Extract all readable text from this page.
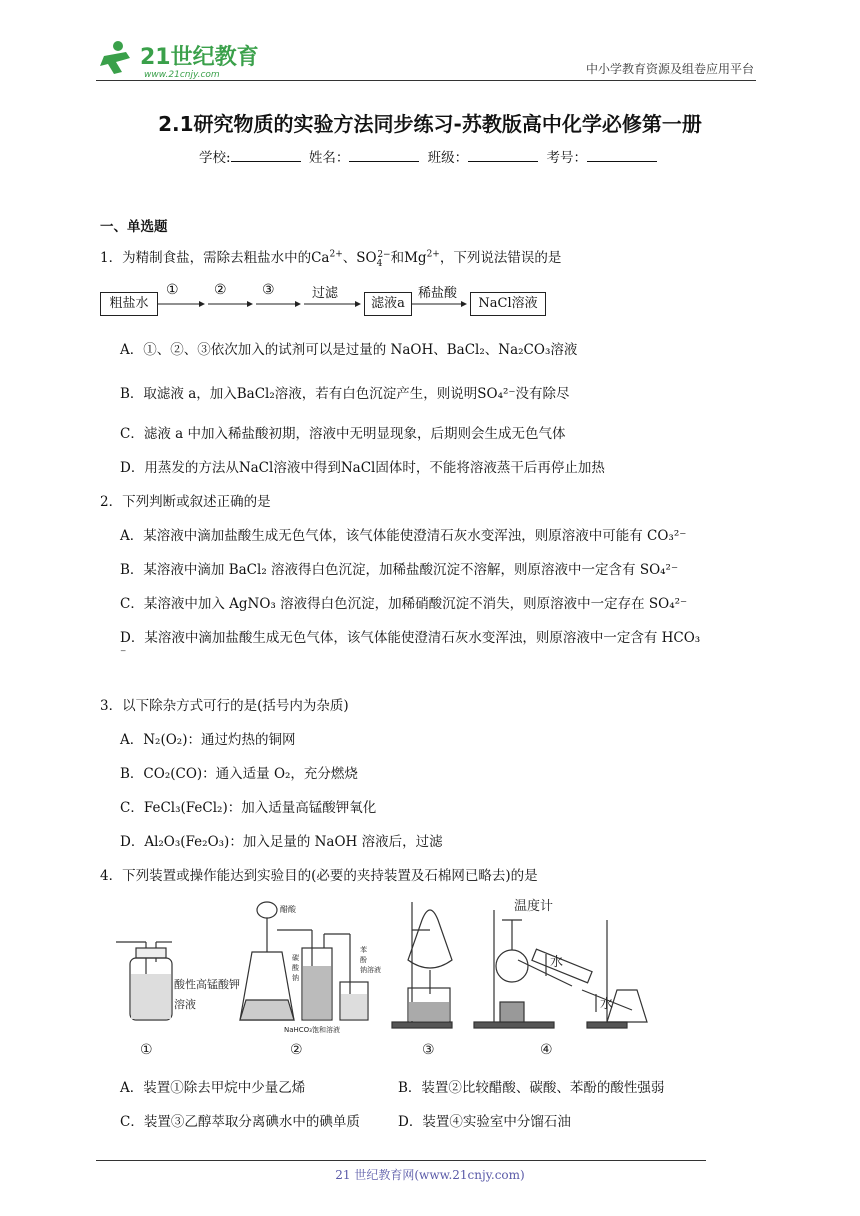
21世纪教育
www.21cnjy.com	中小学教育资源及组卷应用平台
2.1研究物质的实验方法同步练习-苏教版高中化学必修第一册
学校:	姓名：	班级：	考号：
一、单选题
1．为精制食盐，需除去粗盐水中的$Ca^{2+}$、$SO_4^{2-}$和$Mg^{2+}$，下列说法错误的是
粗盐水
①	②	③	过滤
滤液a
稀盐酸
NaCl溶液
A．①、②、③依次加入的试剂可以是过量的 NaOH、BaCl₂、Na₂CO₃溶液
B．取滤液 a，加入BaCl₂溶液，若有白色沉淀产生，则说明SO₄²⁻没有除尽
C．滤液 a 中加入稀盐酸初期，溶液中无明显现象，后期则会生成无色气体
D．用蒸发的方法从NaCl溶液中得到NaCl固体时，不能将溶液蒸干后再停止加热
2．下列判断或叙述正确的是
A．某溶液中滴加盐酸生成无色气体，该气体能使澄清石灰水变浑浊，则原溶液中可能有 CO₃²⁻
B．某溶液中滴加 BaCl₂ 溶液得白色沉淀，加稀盐酸沉淀不溶解，则原溶液中一定含有 SO₄²⁻
C．某溶液中加入 AgNO₃ 溶液得白色沉淀，加稀硝酸沉淀不消失，则原溶液中一定存在 SO₄²⁻
D．某溶液中滴加盐酸生成无色气体，该气体能使澄清石灰水变浑浊，则原溶液中一定含有 HCO₃
⁻
3．以下除杂方式可行的是(括号内为杂质)
A．N₂(O₂)：通过灼热的铜网
B．CO₂(CO)：通入适量 O₂，充分燃烧
C．FeCl₃(FeCl₂)：加入适量高锰酸钾氧化
D．Al₂O₃(Fe₂O₃)：加入足量的 NaOH 溶液后，过滤
4．下列装置或操作能达到实验目的(必要的夹持装置及石棉网已略去)的是
酸性高锰酸钾
溶液
醋酸
碳
酸
钠
NaHCO₃饱和溶液
苯
酚
钠溶液
温度计
水
水
①	②	③	④
A．装置①除去甲烷中少量乙烯	B．装置②比较醋酸、碳酸、苯酚的酸性强弱
C．装置③乙醇萃取分离碘水中的碘单质	D．装置④实验室中分馏石油
21 世纪教育网(www.21cnjy.com)
